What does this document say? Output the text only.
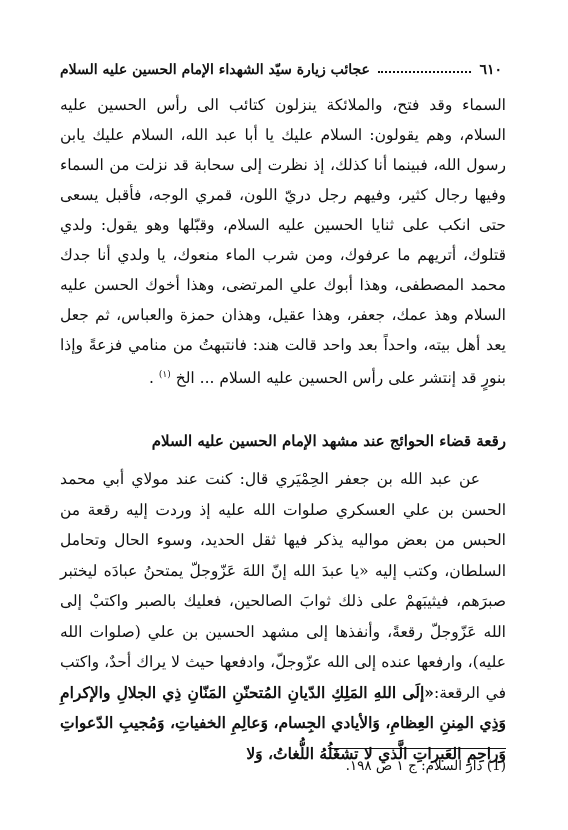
٦١٠
عجائب زيارة سيّد الشهداء الإمام الحسين عليه السلام

السماء وقد فتح، والملائكة ينزلون كتائب الى رأس الحسين عليه السلام، وهم يقولون: السلام عليك يا أبا عبد الله، السلام عليك يابن رسول الله، فبينما أنا كذلك، إذ نظرت إلى سحابة قد نزلت من السماء وفيها رجال كثير، وفيهم رجل دريّ اللون، قمري الوجه، فأقبل يسعى حتى انكب على ثنايا الحسين عليه السلام، وقبّلها وهو يقول: ولدي قتلوك، أتريهم ما عرفوك، ومن شرب الماء منعوك، يا ولدي أنا جدك محمد المصطفى، وهذا أبوك علي المرتضى، وهذا أخوك الحسن عليه السلام وهذ عمك، جعفر، وهذا عقيل، وهذان حمزة والعباس، ثم جعل يعد أهل بيته، واحداً بعد واحد قالت هند: فانتبهتُ من منامي فزعةً وإذا بنورٍ قد إنتشر على رأس الحسين عليه السلام ... الخ $^{(١)}$ .

رقعة قضاء الحوائج عند مشهد الإمام الحسين عليه السلام

عن عبد الله بن جعفر الحِمْيَري قال: كنت عند مولاي أبي محمد الحسن بن علي العسكري صلوات الله عليه إذ وردت إليه رقعة من الحبس من بعض مواليه يذكر فيها ثقل الحديد، وسوء الحال وتحامل السلطان، وكتب إليه «يا عبدَ الله إنّ اللهَ عَزّوجلّ يمتحنُ عبادَه ليختبر صبرَهم، فيثيبَهمْ على ذلك ثوابَ الصالحين، فعليك بالصبر واكتبْ إلى الله عَزّوجلّ رقعةً، وأنفذها إلى مشهد الحسين بن علي (صلوات الله عليه)، وارفعها عنده إلى الله عزّوجلّ، وادفعها حيث لا يراك أحدٌ، واكتب في الرقعة:«إلَى اللهِ المَلِكِ الدّيانِ المُتحنّنِ المَنّانِ ذِي الجلالِ والإكرامِ وَذِي المِننِ العِظامِ، وَالأيادي الجِسام، وَعالِمِ الخفياتِ، وَمُجيبِ الدّعواتِ وَراحِمِ العَبراتِ الَّذي لا تشغَلُهُ اللُّغاتُ، وَلا

(1) دار السلام: ج ١ ص ١٩٨.
